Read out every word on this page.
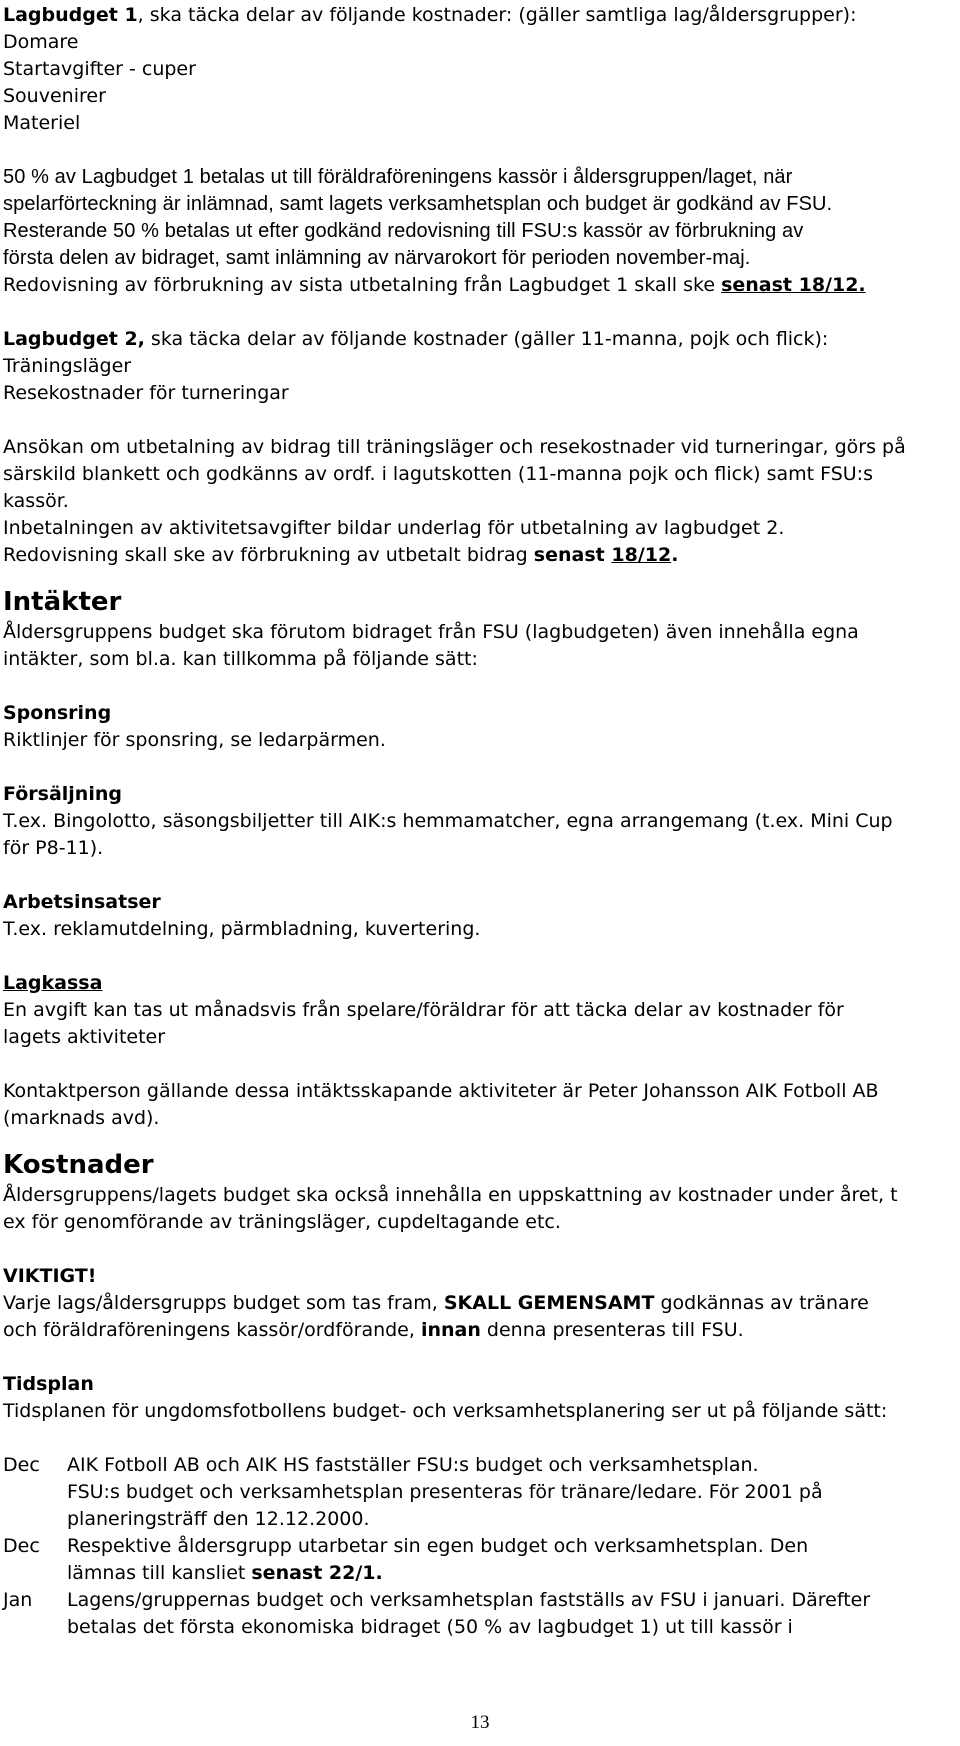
Lagbudget 1, ska täcka delar av följande kostnader: (gäller samtliga lag/åldersgrupper):
Domare
Startavgifter - cuper
Souvenirer
Materiel
50 % av Lagbudget 1 betalas ut till föräldraföreningens kassör i åldersgruppen/laget, när
spelarförteckning är inlämnad, samt lagets verksamhetsplan och budget är godkänd av FSU.
Resterande 50 % betalas ut efter godkänd redovisning till FSU:s kassör av förbrukning av
första delen av bidraget, samt inlämning av närvarokort för perioden november-maj.
Redovisning av förbrukning av sista utbetalning från Lagbudget 1 skall ske senast 18/12.
Lagbudget 2, ska täcka delar av följande kostnader (gäller 11-manna, pojk och flick):
Träningsläger
Resekostnader för turneringar
Ansökan om utbetalning av bidrag till träningsläger och resekostnader vid turneringar, görs på
särskild blankett och godkänns av ordf. i lagutskotten (11-manna pojk och flick) samt FSU:s
kassör.
Inbetalningen av aktivitetsavgifter bildar underlag för utbetalning av lagbudget 2.
Redovisning skall ske av förbrukning av utbetalt bidrag senast 18/12.
Intäkter
Åldersgruppens budget ska förutom bidraget från FSU (lagbudgeten) även innehålla egna
intäkter, som bl.a. kan tillkomma på följande sätt:
Sponsring
Riktlinjer för sponsring, se ledarpärmen.
Försäljning
T.ex. Bingolotto, säsongsbiljetter till AIK:s hemmamatcher, egna arrangemang (t.ex. Mini Cup
för P8-11).
Arbetsinsatser
T.ex. reklamutdelning, pärmbladning, kuvertering.
Lagkassa
En avgift kan tas ut månadsvis från spelare/föräldrar för att täcka delar av kostnader för
lagets aktiviteter
Kontaktperson gällande dessa intäktsskapande aktiviteter är Peter Johansson AIK Fotboll AB
(marknads avd).
Kostnader
Åldersgruppens/lagets budget ska också innehålla en uppskattning av kostnader under året, t
ex för genomförande av träningsläger, cupdeltagande etc.
VIKTIGT!
Varje lags/åldersgrupps budget som tas fram, SKALL GEMENSAMT godkännas av tränare
och föräldraföreningens kassör/ordförande, innan denna presenteras till FSU.
Tidsplan
Tidsplanen för ungdomsfotbollens budget- och verksamhetsplanering ser ut på följande sätt:
Dec	AIK Fotboll AB och AIK HS fastställer FSU:s budget och verksamhetsplan.
FSU:s budget och verksamhetsplan presenteras för tränare/ledare. För 2001 på
planeringsträff den 12.12.2000.
Dec	Respektive åldersgrupp utarbetar sin egen budget och verksamhetsplan. Den
lämnas till kansliet senast 22/1.
Jan	Lagens/gruppernas budget och verksamhetsplan fastställs av FSU i januari. Därefter
betalas det första ekonomiska bidraget (50 % av lagbudget 1) ut till kassör i
13
